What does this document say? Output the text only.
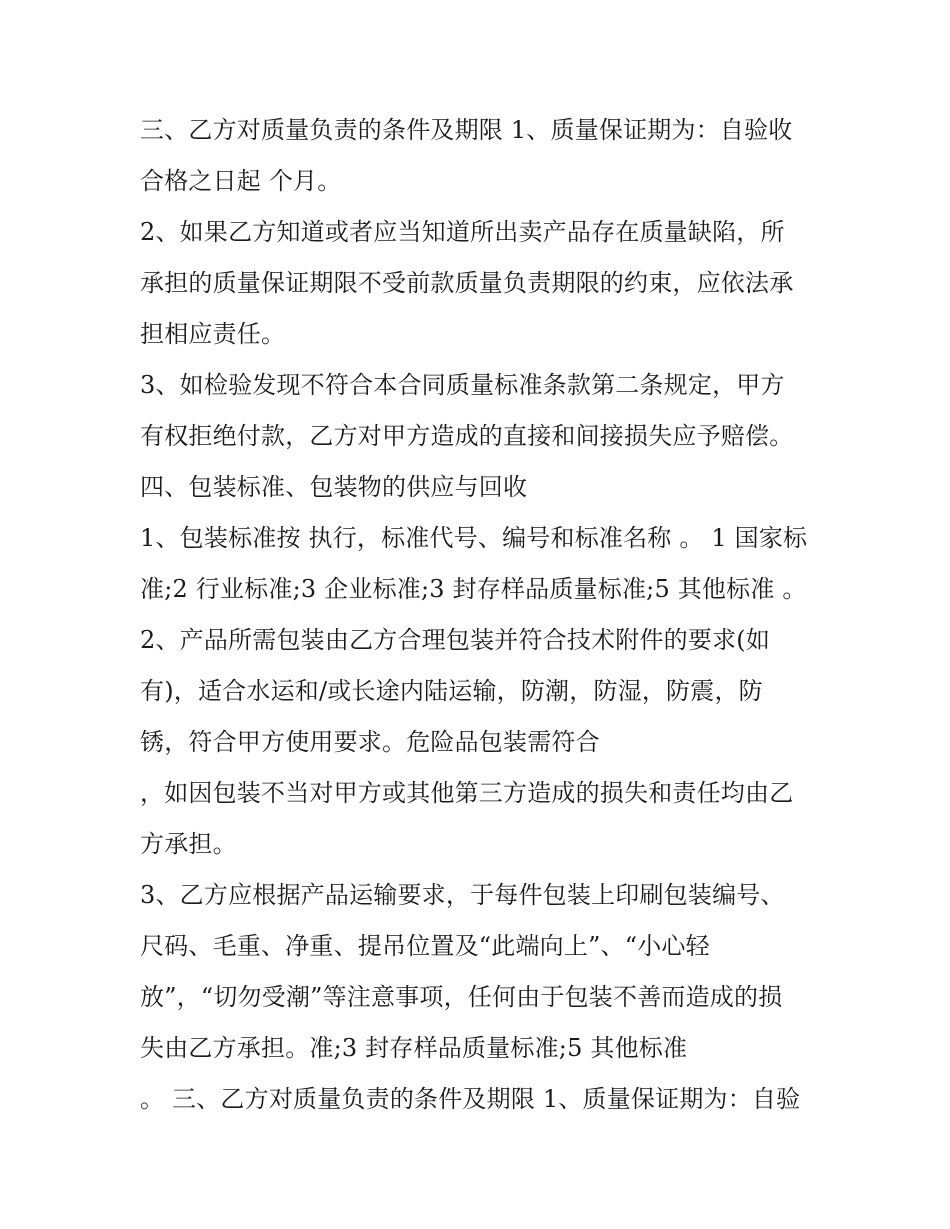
三、乙方对质量负责的条件及期限 1、质量保证期为：自验收
合格之日起 个月。
2、如果乙方知道或者应当知道所出卖产品存在质量缺陷，所
承担的质量保证期限不受前款质量负责期限的约束，应依法承
担相应责任。
3、如检验发现不符合本合同质量标准条款第二条规定，甲方
有权拒绝付款，乙方对甲方造成的直接和间接损失应予赔偿。
四、包装标准、包装物的供应与回收
1、包装标准按 执行，标准代号、编号和标准名称 。 1 国家标
准;2 行业标准;3 企业标准;3 封存样品质量标准;5 其他标准 。
2、产品所需包装由乙方合理包装并符合技术附件的要求(如
有)，适合水运和/或长途内陆运输，防潮，防湿，防震，防
锈，符合甲方使用要求。危险品包装需符合
，如因包装不当对甲方或其他第三方造成的损失和责任均由乙
方承担。
3、乙方应根据产品运输要求，于每件包装上印刷包装编号、
尺码、毛重、净重、提吊位置及“此端向上”、“小心轻
放”，“切勿受潮”等注意事项，任何由于包装不善而造成的损
失由乙方承担。准;3 封存样品质量标准;5 其他标准
。 三、乙方对质量负责的条件及期限 1、质量保证期为：自验
